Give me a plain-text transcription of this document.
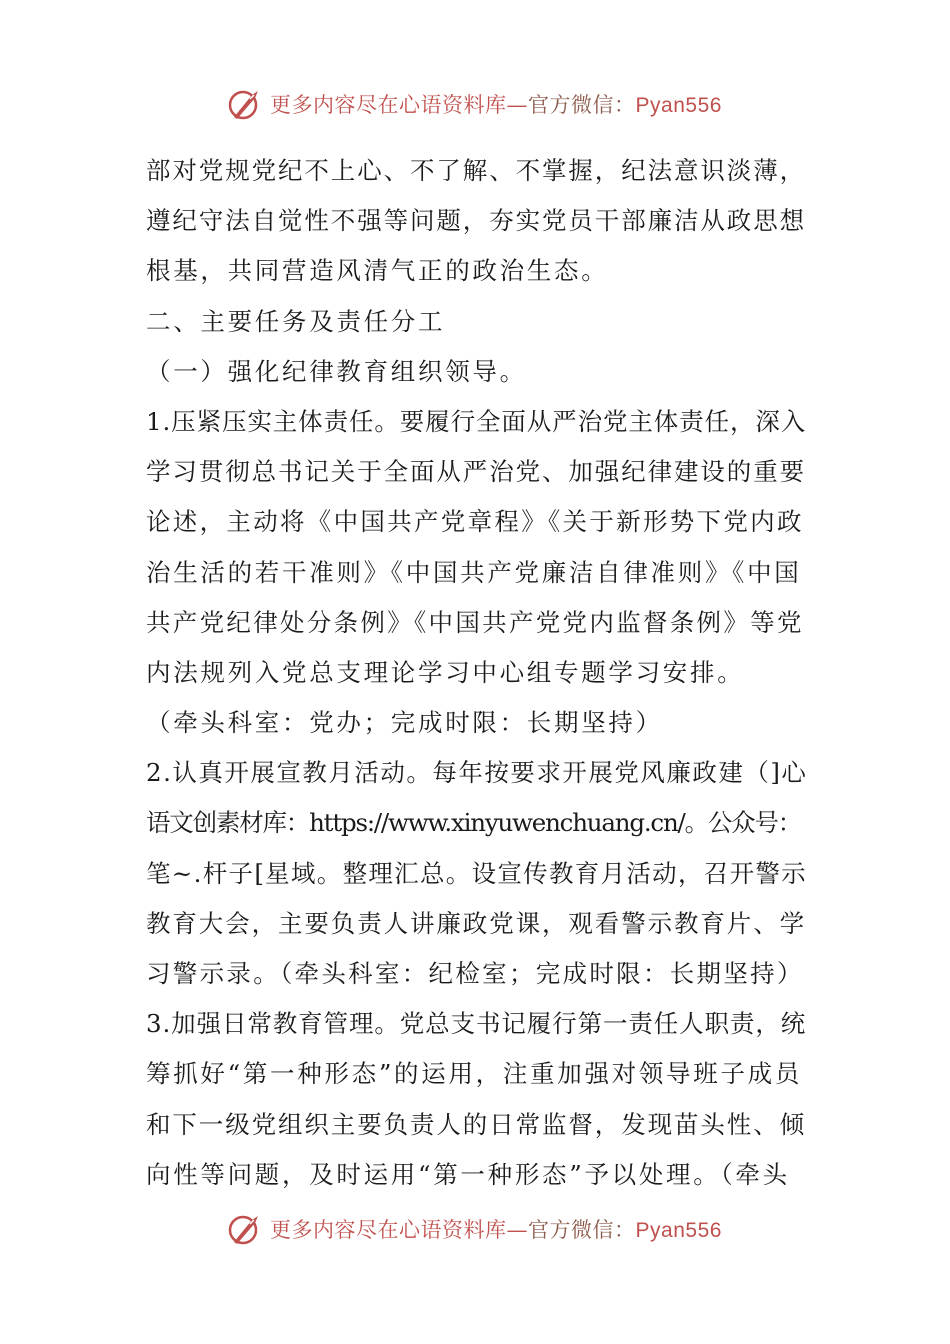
更多内容尽在心语资料库—官方微信：Pyan556
部对党规党纪不上心、不了解、不掌握，纪法意识淡薄，
遵纪守法自觉性不强等问题，夯实党员干部廉洁从政思想
根基，共同营造风清气正的政治生态。
二、主要任务及责任分工
（一）强化纪律教育组织领导。
1.压紧压实主体责任。要履行全面从严治党主体责任，深入
学习贯彻总书记关于全面从严治党、加强纪律建设的重要
论述，主动将《中国共产党章程》《关于新形势下党内政
治生活的若干准则》《中国共产党廉洁自律准则》《中国
共产党纪律处分条例》《中国共产党党内监督条例》等党
内法规列入党总支理论学习中心组专题学习安排。
（牵头科室：党办；完成时限：长期坚持）
2.认真开展宣教月活动。每年按要求开展党风廉政建（]心
语文创素材库：https://www.xinyuwenchuang.cn/。公众号：
笔~.杆子[星域。整理汇总。设宣传教育月活动，召开警示
教育大会，主要负责人讲廉政党课，观看警示教育片、学
习警示录。（牵头科室：纪检室；完成时限：长期坚持）
3.加强日常教育管理。党总支书记履行第一责任人职责，统
筹抓好“第一种形态”的运用，注重加强对领导班子成员
和下一级党组织主要负责人的日常监督，发现苗头性、倾
向性等问题，及时运用“第一种形态”予以处理。（牵头
更多内容尽在心语资料库—官方微信：Pyan556
